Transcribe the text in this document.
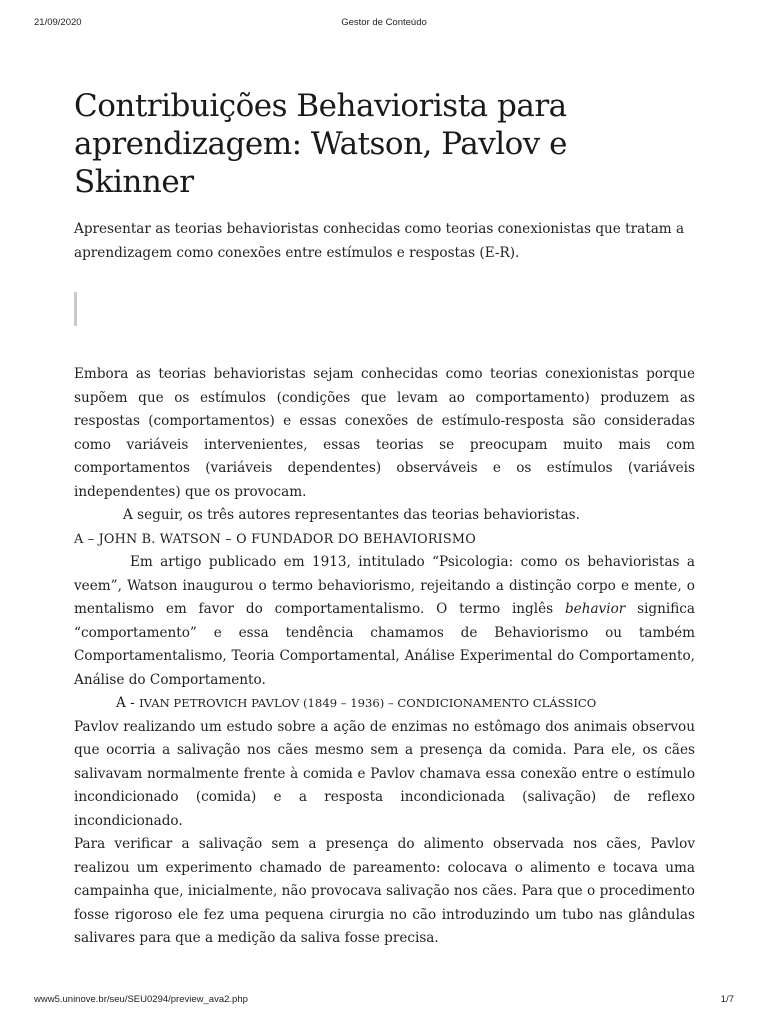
21/09/2020	Gestor de Conteúdo
Contribuições Behaviorista para aprendizagem: Watson, Pavlov e Skinner

Apresentar as teorias behavioristas conhecidas como teorias conexionistas que tratam a aprendizagem como conexões entre estímulos e respostas (E-R).

Embora as teorias behavioristas sejam conhecidas como teorias conexionistas porque supõem que os estímulos (condições que levam ao comportamento) produzem as respostas (comportamentos) e essas conexões de estímulo-resposta são consideradas como variáveis intervenientes, essas teorias se preocupam muito mais com comportamentos (variáveis dependentes) observáveis e os estímulos (variáveis independentes) que os provocam.

A seguir, os três autores representantes das teorias behavioristas.

A – JOHN B. WATSON – O FUNDADOR DO BEHAVIORISMO

Em artigo publicado em 1913, intitulado “Psicologia: como os behavioristas a veem”, Watson inaugurou o termo behaviorismo, rejeitando a distinção corpo e mente, o mentalismo em favor do comportamentalismo. O termo inglês behavior significa “comportamento” e essa tendência chamamos de Behaviorismo ou também Comportamentalismo, Teoria Comportamental, Análise Experimental do Comportamento, Análise do Comportamento.

A - IVAN PETROVICH PAVLOV (1849 – 1936) – CONDICIONAMENTO CLÁSSICO

Pavlov realizando um estudo sobre a ação de enzimas no estômago dos animais observou que ocorria a salivação nos cães mesmo sem a presença da comida. Para ele, os cães salivavam normalmente frente à comida e Pavlov chamava essa conexão entre o estímulo incondicionado (comida) e a resposta incondicionada (salivação) de reflexo incondicionado.

Para verificar a salivação sem a presença do alimento observada nos cães, Pavlov realizou um experimento chamado de pareamento: colocava o alimento e tocava uma campainha que, inicialmente, não provocava salivação nos cães. Para que o procedimento fosse rigoroso ele fez uma pequena cirurgia no cão introduzindo um tubo nas glândulas salivares para que a medição da saliva fosse precisa.

www5.uninove.br/seu/SEU0294/preview_ava2.php	1/7
